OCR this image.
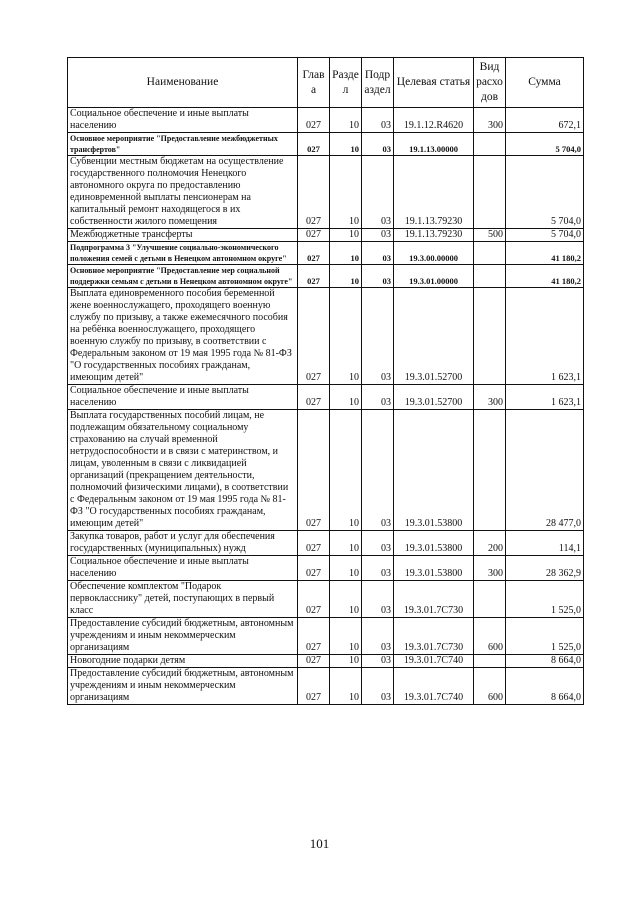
Наименование	Глав а	Разде л	Подр аздел	Целевая статья	Вид расхо дов	Сумма
Социальное обеспечение и иные выплаты населению	027	10	03	19.1.12.R4620	300	672,1
Основное мероприятие "Предоставление межбюджетных трансфертов"	027	10	03	19.1.13.00000		5 704,0
Субвенции местным бюджетам на осуществление государственного полномочия Ненецкого автономного округа по предоставлению единовременной выплаты пенсионерам на капитальный ремонт находящегося в их собственности жилого помещения	027	10	03	19.1.13.79230		5 704,0
Межбюджетные трансферты	027	10	03	19.1.13.79230	500	5 704,0
Подпрограмма 3 "Улучшение социально-экономического положения семей с детьми в Ненецком автономном округе"	027	10	03	19.3.00.00000		41 180,2
Основное мероприятие "Предоставление мер социальной поддержки семьям с детьми в Ненецком автономном округе"	027	10	03	19.3.01.00000		41 180,2
Выплата единовременного пособия беременной жене военнослужащего, проходящего военную службу по призыву, а также ежемесячного пособия на ребёнка военнослужащего, проходящего военную службу по призыву, в соответствии с Федеральным законом от 19 мая 1995 года № 81-ФЗ "О государственных пособиях гражданам, имеющим детей"	027	10	03	19.3.01.52700		1 623,1
Социальное обеспечение и иные выплаты населению	027	10	03	19.3.01.52700	300	1 623,1
Выплата государственных пособий лицам, не подлежащим обязательному социальному страхованию на случай временной нетрудоспособности и в связи с материнством, и лицам, уволенным в связи с ликвидацией организаций (прекращением деятельности, полномочий физическими лицами), в соответствии с Федеральным законом от 19 мая 1995 года № 81-ФЗ "О государственных пособиях гражданам, имеющим детей"	027	10	03	19.3.01.53800		28 477,0
Закупка товаров, работ и услуг для обеспечения государственных (муниципальных) нужд	027	10	03	19.3.01.53800	200	114,1
Социальное обеспечение и иные выплаты населению	027	10	03	19.3.01.53800	300	28 362,9
Обеспечение комплектом "Подарок первокласснику" детей, поступающих в первый класс	027	10	03	19.3.01.7С730		1 525,0
Предоставление субсидий бюджетным, автономным учреждениям и иным некоммерческим организациям	027	10	03	19.3.01.7С730	600	1 525,0
Новогодние подарки детям	027	10	03	19.3.01.7С740		8 664,0
Предоставление субсидий бюджетным, автономным учреждениям и иным некоммерческим организациям	027	10	03	19.3.01.7С740	600	8 664,0
101
